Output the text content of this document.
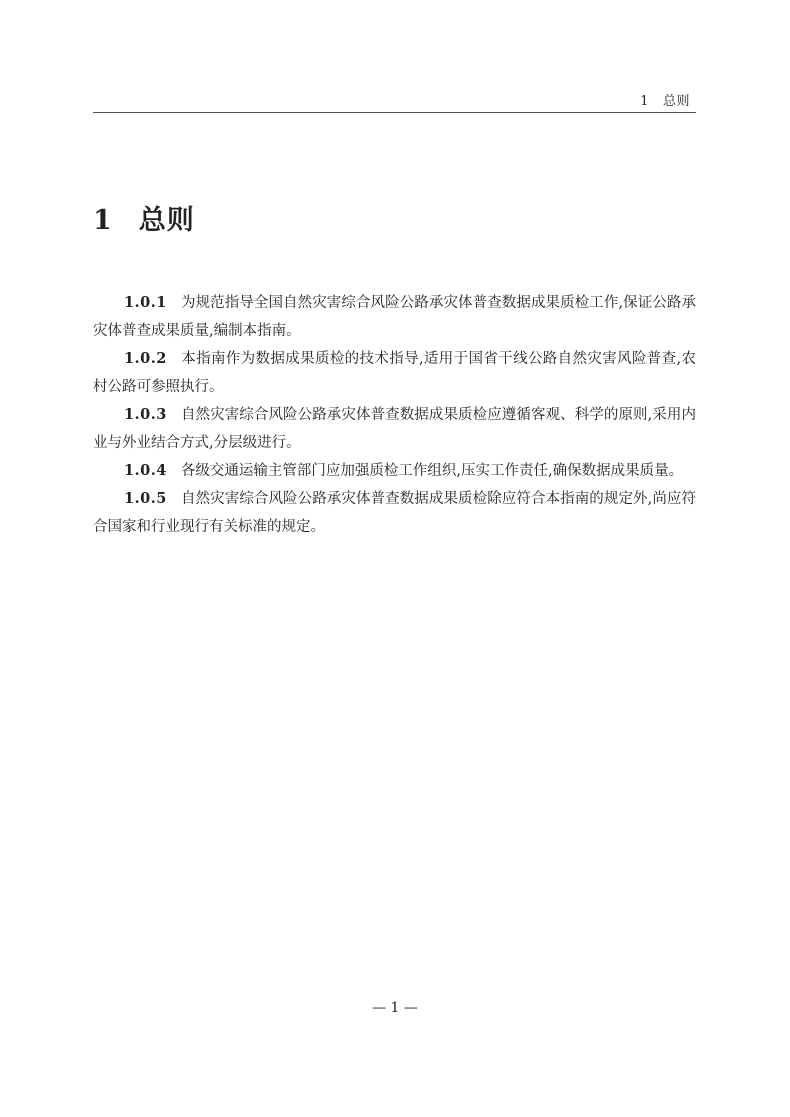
1 总则
1 总则

1.0.1 为规范指导全国自然灾害综合风险公路承灾体普查数据成果质检工作,保证公路承灾体普查成果质量,编制本指南。

1.0.2 本指南作为数据成果质检的技术指导,适用于国省干线公路自然灾害风险普查,农村公路可参照执行。

1.0.3 自然灾害综合风险公路承灾体普查数据成果质检应遵循客观、科学的原则,采用内业与外业结合方式,分层级进行。

1.0.4 各级交通运输主管部门应加强质检工作组织,压实工作责任,确保数据成果质量。

1.0.5 自然灾害综合风险公路承灾体普查数据成果质检除应符合本指南的规定外,尚应符合国家和行业现行有关标准的规定。

— 1 —
